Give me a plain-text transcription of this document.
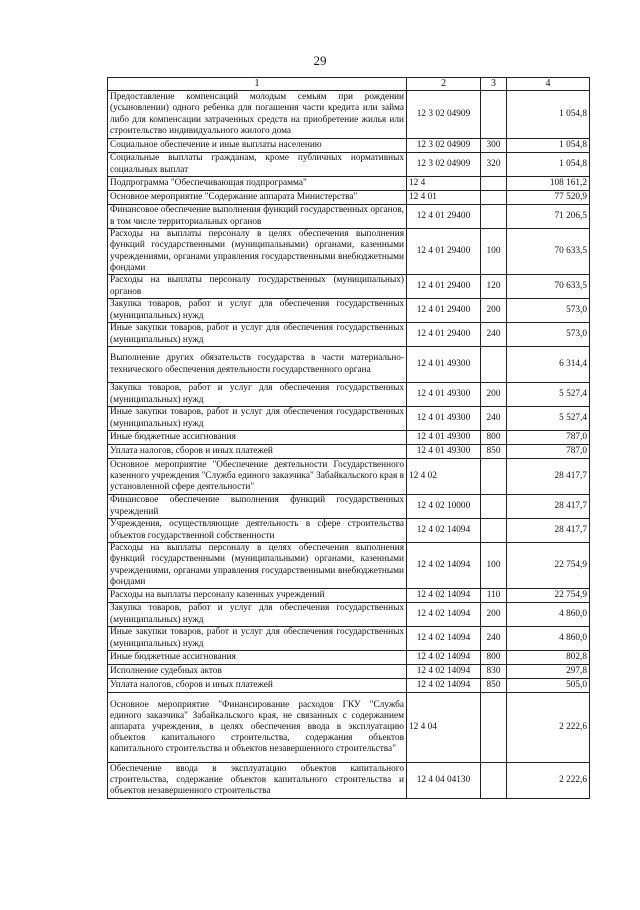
29
1	2	3	4
Предоставление компенсаций молодым семьям при рождении (усыновлении) одного ребенка для погашения части кредита или займа либо для компенсации затраченных средств на приобретение жилья или строительство индивидуального жилого дома	12 3 02 04909		1 054,8
Социальное обеспечение и иные выплаты населению	12 3 02 04909	300	1 054,8
Социальные выплаты гражданам, кроме публичных нормативных социальных выплат	12 3 02 04909	320	1 054,8
Подпрограмма "Обеспечивающая подпрограмма"	12 4		108 161,2
Основное мероприятие "Содержание аппарата Министерства"	12 4 01		77 520,9
Финансовое обеспечение выполнения функций государственных органов, в том числе территориальных органов	12 4 01 29400		71 206,5
Расходы на выплаты персоналу в целях обеспечения выполнения функций государственными (муниципальными) органами, казенными учреждениями, органами управления государственными внебюджетными фондами	12 4 01 29400	100	70 633,5
Расходы на выплаты персоналу государственных (муниципальных) органов	12 4 01 29400	120	70 633,5
Закупка товаров, работ и услуг для обеспечения государственных (муниципальных) нужд	12 4 01 29400	200	573,0
Иные закупки товаров, работ и услуг для обеспечения государственных (муниципальных) нужд	12 4 01 29400	240	573,0
Выполнение других обязательств государства в части материально-технического обеспечения деятельности государственного органа	12 4 01 49300		6 314,4
Закупка товаров, работ и услуг для обеспечения государственных (муниципальных) нужд	12 4 01 49300	200	5 527,4
Иные закупки товаров, работ и услуг для обеспечения государственных (муниципальных) нужд	12 4 01 49300	240	5 527,4
Иные бюджетные ассигнования	12 4 01 49300	800	787,0
Уплата налогов, сборов и иных платежей	12 4 01 49300	850	787,0
Основное мероприятие "Обеспечение деятельности Государственного казенного учреждения "Служба единого заказчика" Забайкальского края в установленной сфере деятельности"	12 4 02		28 417,7
Финансовое обеспечение выполнения функций государственных учреждений	12 4 02 10000		28 417,7
Учреждения, осуществляющие деятельность в сфере строительства объектов государственной собственности	12 4 02 14094		28 417,7
Расходы на выплаты персоналу в целях обеспечения выполнения функций государственными (муниципальными) органами, казенными учреждениями, органами управления государственными внебюджетными фондами	12 4 02 14094	100	22 754,9
Расходы на выплаты персоналу казенных учреждений	12 4 02 14094	110	22 754,9
Закупка товаров, работ и услуг для обеспечения государственных (муниципальных) нужд	12 4 02 14094	200	4 860,0
Иные закупки товаров, работ и услуг для обеспечения государственных (муниципальных) нужд	12 4 02 14094	240	4 860,0
Иные бюджетные ассигнования	12 4 02 14094	800	802,8
Исполнение судебных актов	12 4 02 14094	830	297,8
Уплата налогов, сборов и иных платежей	12 4 02 14094	850	505,0
Основное мероприятие "Финансирование расходов ГКУ "Служба единого заказчика" Забайкальского края, не связанных с содержанием аппарата учреждения, в целях обеспечения ввода в эксплуатацию объектов капитального строительства, содержания объектов капитального строительства и объектов незавершенного строительства"	12 4 04		2 222,6
Обеспечение ввода в эксплуатацию объектов капитального строительства, содержание объектов капитального строительства и объектов незавершенного строительства	12 4 04 04130		2 222,6
